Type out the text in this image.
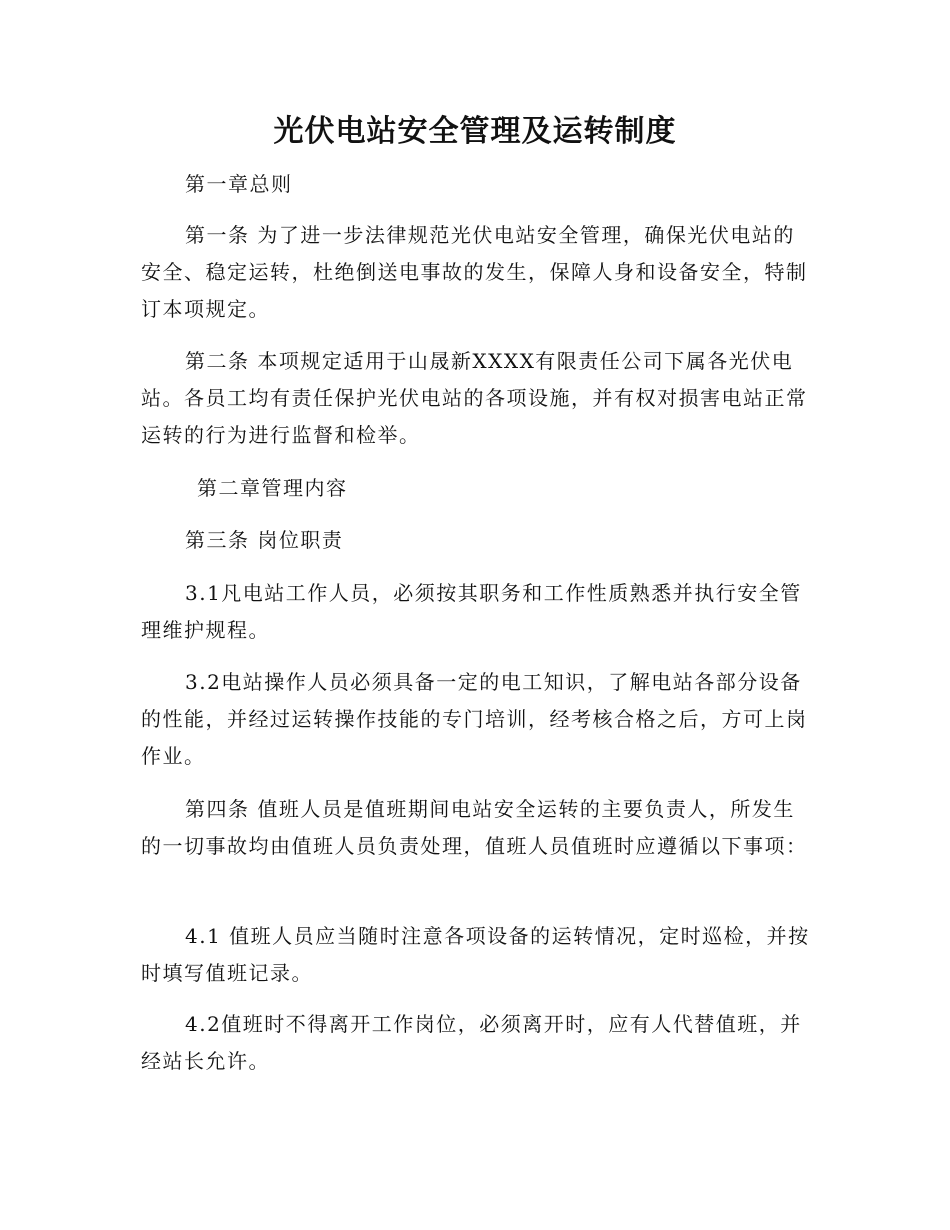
光伏电站安全管理及运转制度

第一章总则

第一条 为了进一步法律规范光伏电站安全管理，确保光伏电站的安全、稳定运转，杜绝倒送电事故的发生，保障人身和设备安全，特制订本项规定。

第二条 本项规定适用于山晟新XXXX有限责任公司下属各光伏电站。各员工均有责任保护光伏电站的各项设施，并有权对损害电站正常运转的行为进行监督和检举。

第二章管理内容

第三条 岗位职责

3.1凡电站工作人员，必须按其职务和工作性质熟悉并执行安全管理维护规程。

3.2电站操作人员必须具备一定的电工知识，了解电站各部分设备的性能，并经过运转操作技能的专门培训，经考核合格之后，方可上岗作业。

第四条 值班人员是值班期间电站安全运转的主要负责人，所发生的一切事故均由值班人员负责处理，值班人员值班时应遵循以下事项：

4.1 值班人员应当随时注意各项设备的运转情况，定时巡检，并按时填写值班记录。

4.2值班时不得离开工作岗位，必须离开时，应有人代替值班，并经站长允许。
